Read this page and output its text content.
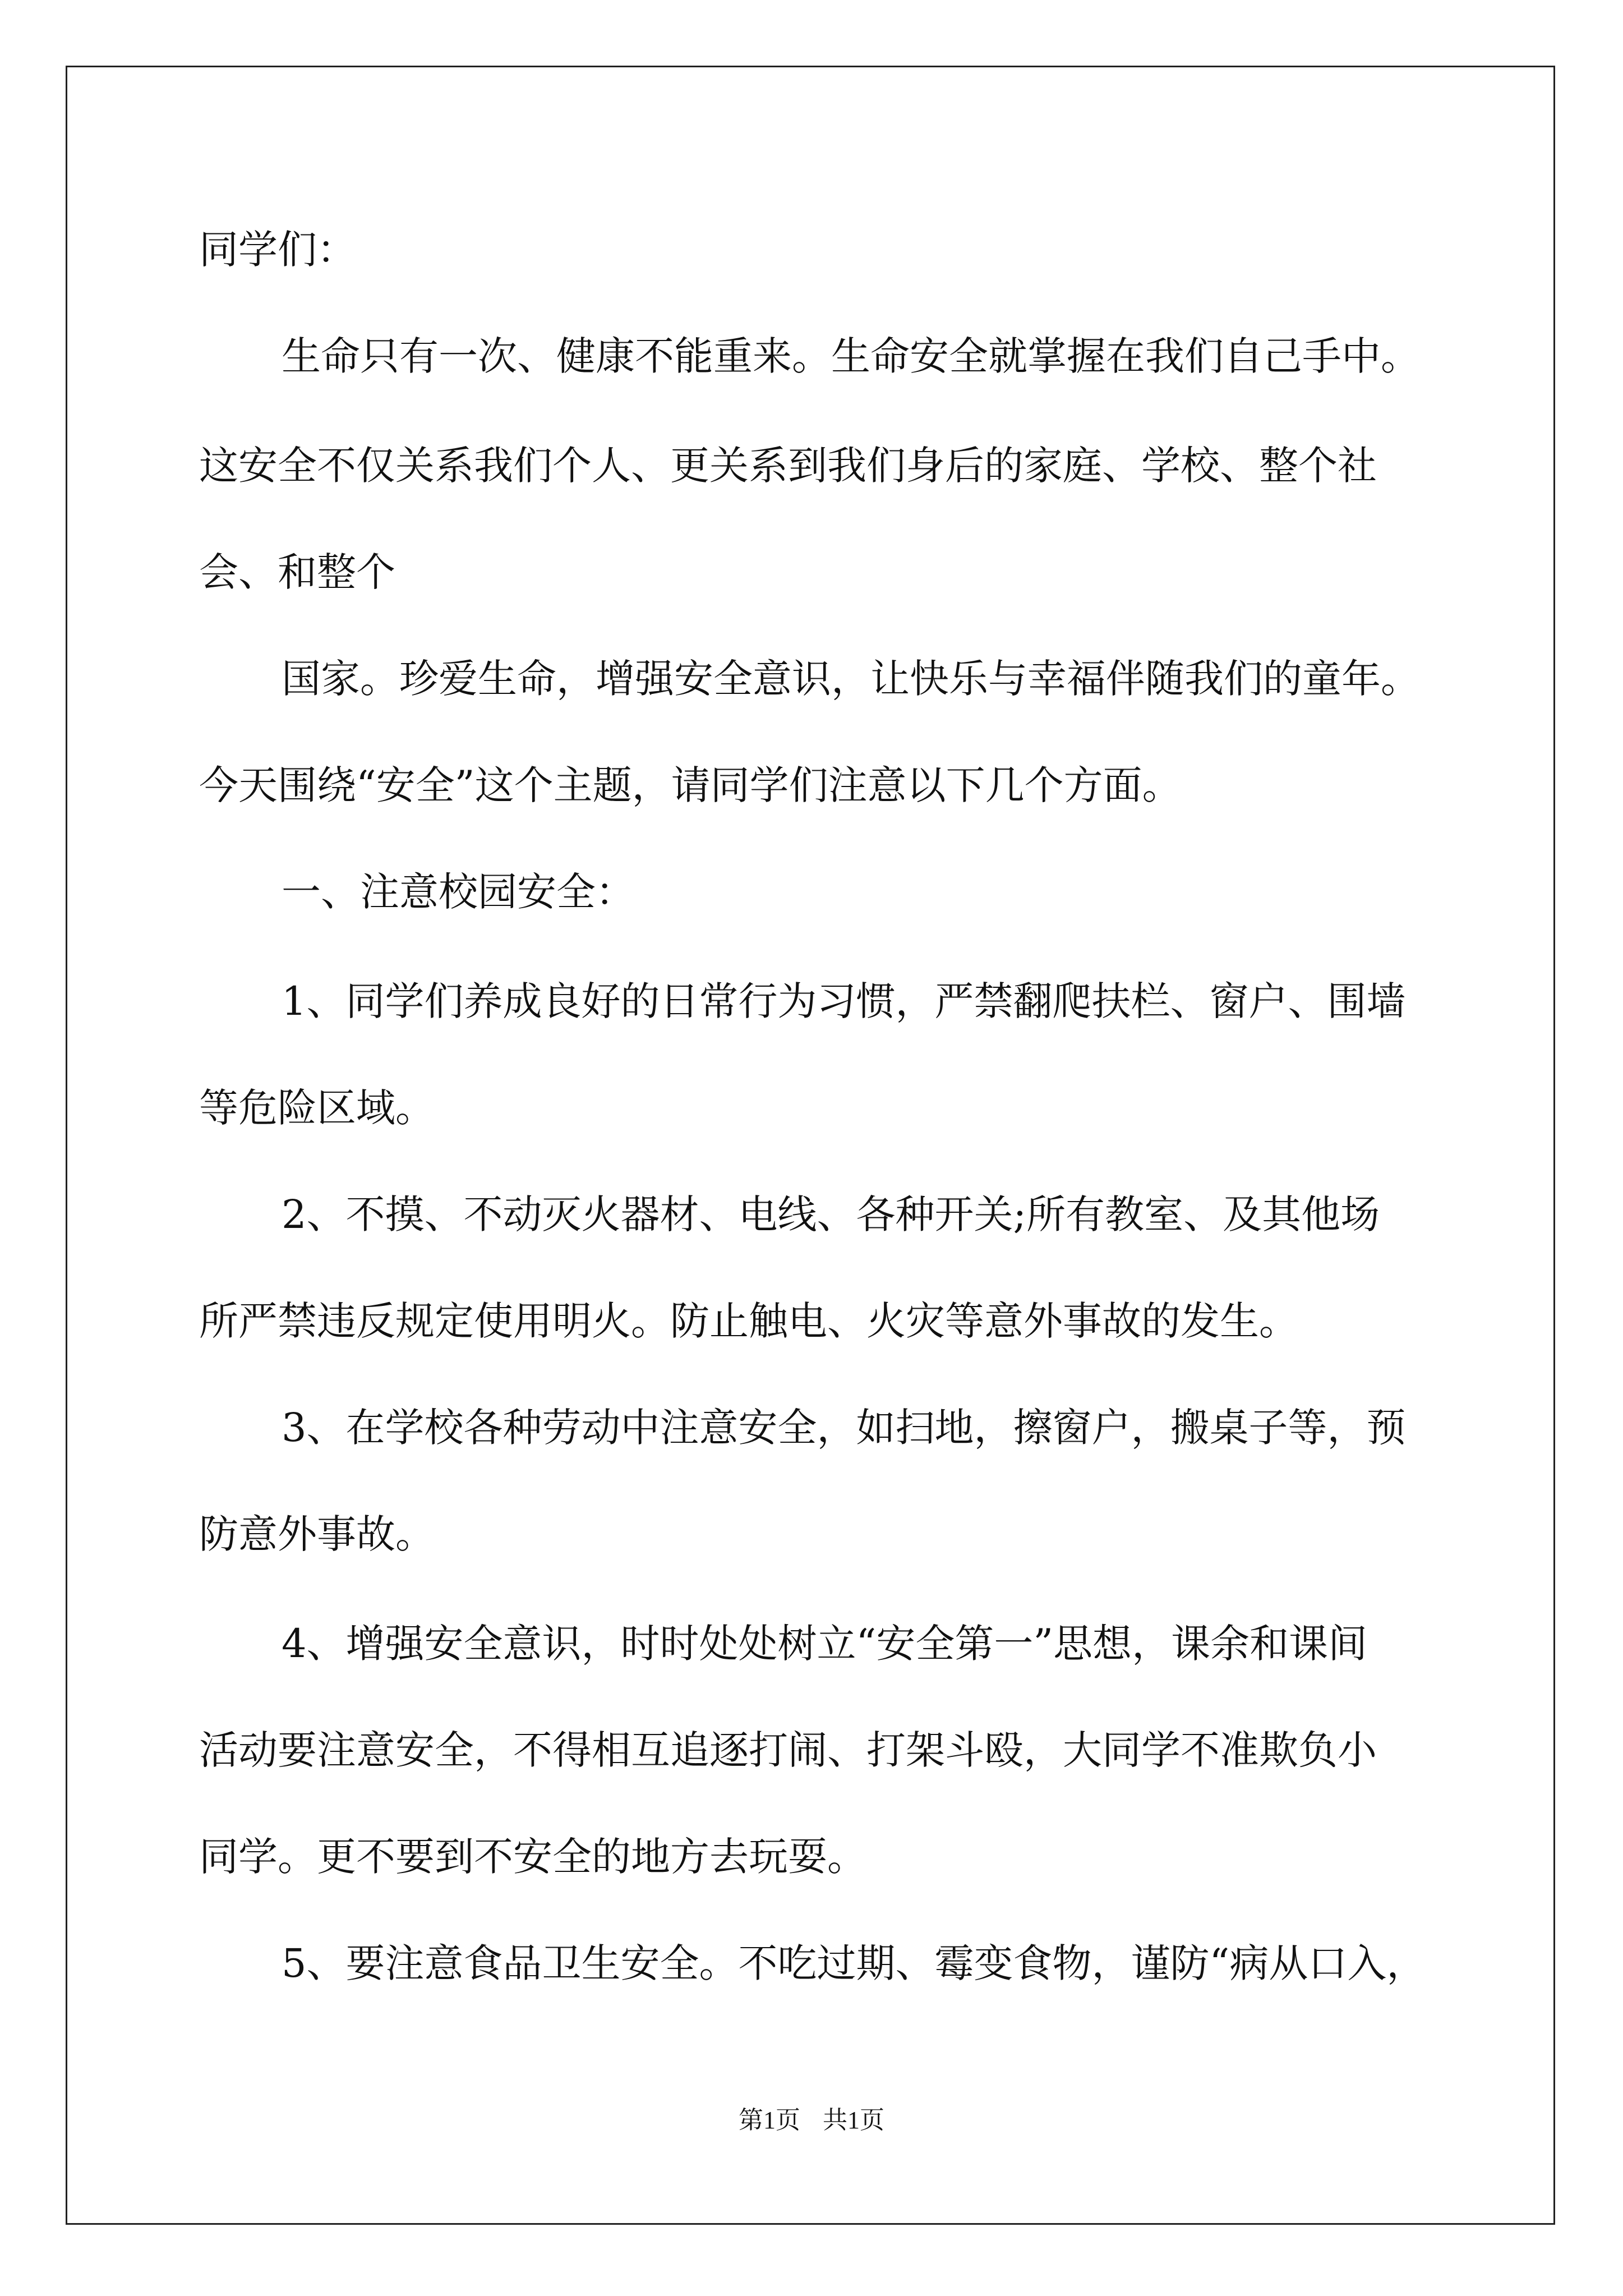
同学们：
生命只有一次、健康不能重来。生命安全就掌握在我们自己手中。
这安全不仅关系我们个人、更关系到我们身后的家庭、学校、整个社
会、和整个
国家。珍爱生命，增强安全意识，让快乐与幸福伴随我们的童年。
今天围绕“安全”这个主题，请同学们注意以下几个方面。
一、注意校园安全：
1、同学们养成良好的日常行为习惯，严禁翻爬扶栏、窗户、围墙
等危险区域。
2、不摸、不动灭火器材、电线、各种开关;所有教室、及其他场
所严禁违反规定使用明火。防止触电、火灾等意外事故的发生。
3、在学校各种劳动中注意安全，如扫地，擦窗户，搬桌子等，预
防意外事故。
4、增强安全意识，时时处处树立“安全第一”思想，课余和课间
活动要注意安全，不得相互追逐打闹、打架斗殴，大同学不准欺负小
同学。更不要到不安全的地方去玩耍。
5、要注意食品卫生安全。不吃过期、霉变食物，谨防“病从口入，
第1页 共1页
